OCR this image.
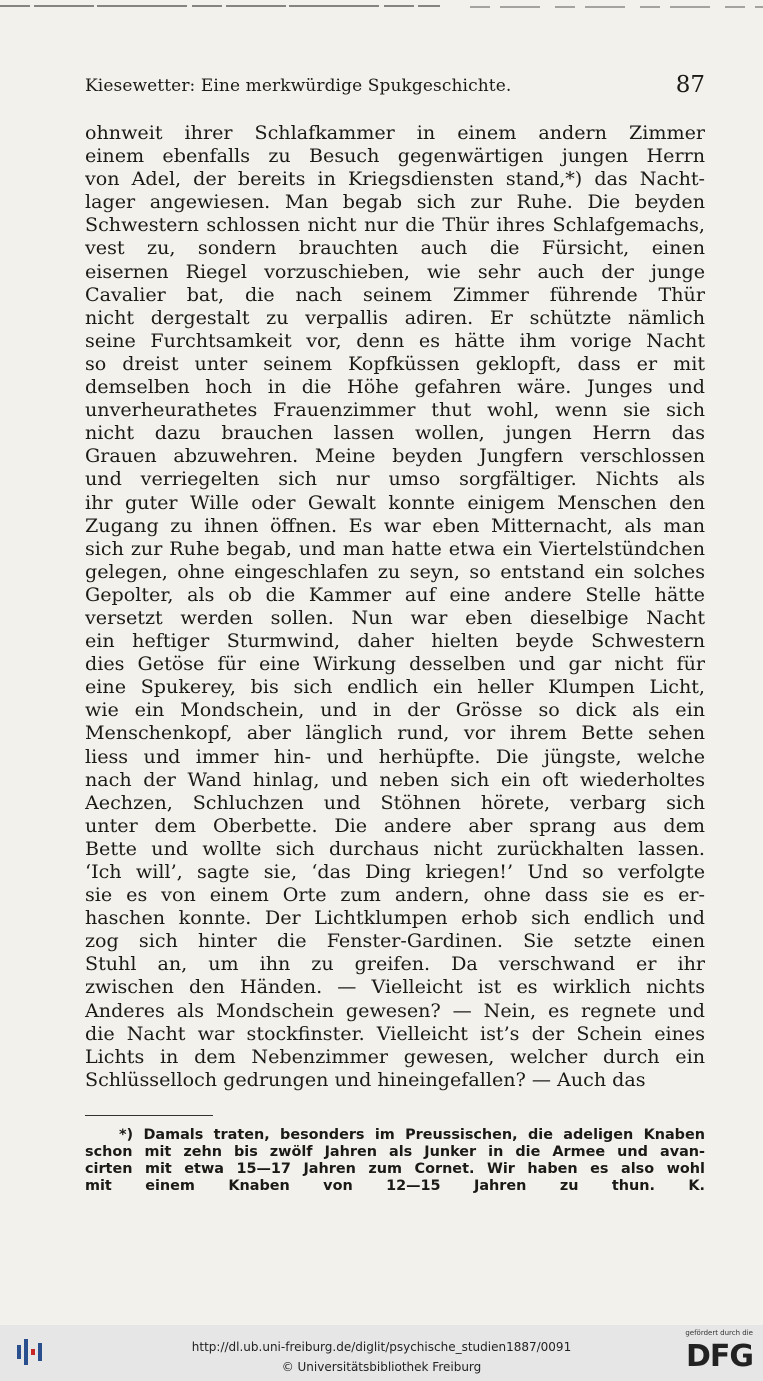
Kiesewetter: Eine merkwürdige Spukgeschichte.	87
ohnweit ihrer Schlafkammer in einem andern Zimmer
einem ebenfalls zu Besuch gegenwärtigen jungen Herrn
von Adel, der bereits in Kriegsdiensten stand,*) das Nacht-
lager angewiesen. Man begab sich zur Ruhe. Die beyden
Schwestern schlossen nicht nur die Thür ihres Schlafgemachs,
vest zu, sondern brauchten auch die Fürsicht, einen
eisernen Riegel vorzuschieben, wie sehr auch der junge
Cavalier bat, die nach seinem Zimmer führende Thür
nicht dergestalt zu verpallis adiren. Er schützte nämlich
seine Furchtsamkeit vor, denn es hätte ihm vorige Nacht
so dreist unter seinem Kopfküssen geklopft, dass er mit
demselben hoch in die Höhe gefahren wäre. Junges und
unverheurathetes Frauenzimmer thut wohl, wenn sie sich
nicht dazu brauchen lassen wollen, jungen Herrn das
Grauen abzuwehren. Meine beyden Jungfern verschlossen
und verriegelten sich nur umso sorgfältiger. Nichts als
ihr guter Wille oder Gewalt konnte einigem Menschen den
Zugang zu ihnen öffnen. Es war eben Mitternacht, als man
sich zur Ruhe begab, und man hatte etwa ein Viertelstündchen
gelegen, ohne eingeschlafen zu seyn, so entstand ein solches
Gepolter, als ob die Kammer auf eine andere Stelle hätte
versetzt werden sollen. Nun war eben dieselbige Nacht
ein heftiger Sturmwind, daher hielten beyde Schwestern
dies Getöse für eine Wirkung desselben und gar nicht für
eine Spukerey, bis sich endlich ein heller Klumpen Licht,
wie ein Mondschein, und in der Grösse so dick als ein
Menschenkopf, aber länglich rund, vor ihrem Bette sehen
liess und immer hin- und herhüpfte. Die jüngste, welche
nach der Wand hinlag, und neben sich ein oft wiederholtes
Aechzen, Schluchzen und Stöhnen hörete, verbarg sich
unter dem Oberbette. Die andere aber sprang aus dem
Bette und wollte sich durchaus nicht zurückhalten lassen.
‘Ich will’, sagte sie, ‘das Ding kriegen!’ Und so verfolgte
sie es von einem Orte zum andern, ohne dass sie es er-
haschen konnte. Der Lichtklumpen erhob sich endlich und
zog sich hinter die Fenster-Gardinen. Sie setzte einen
Stuhl an, um ihn zu greifen. Da verschwand er ihr
zwischen den Händen. — Vielleicht ist es wirklich nichts
Anderes als Mondschein gewesen? — Nein, es regnete und
die Nacht war stockfinster. Vielleicht ist’s der Schein eines
Lichts in dem Nebenzimmer gewesen, welcher durch ein
Schlüsselloch gedrungen und hineingefallen? — Auch das
*) Damals traten, besonders im Preussischen, die adeligen Knaben
schon mit zehn bis zwölf Jahren als Junker in die Armee und avan-
cirten mit etwa 15—17 Jahren zum Cornet. Wir haben es also wohl
mit einem Knaben von 12—15 Jahren zu thun. K.
http://dl.ub.uni-freiburg.de/diglit/psychische_studien1887/0091
© Universitätsbibliothek Freiburg
gefördert durch die
DFG
